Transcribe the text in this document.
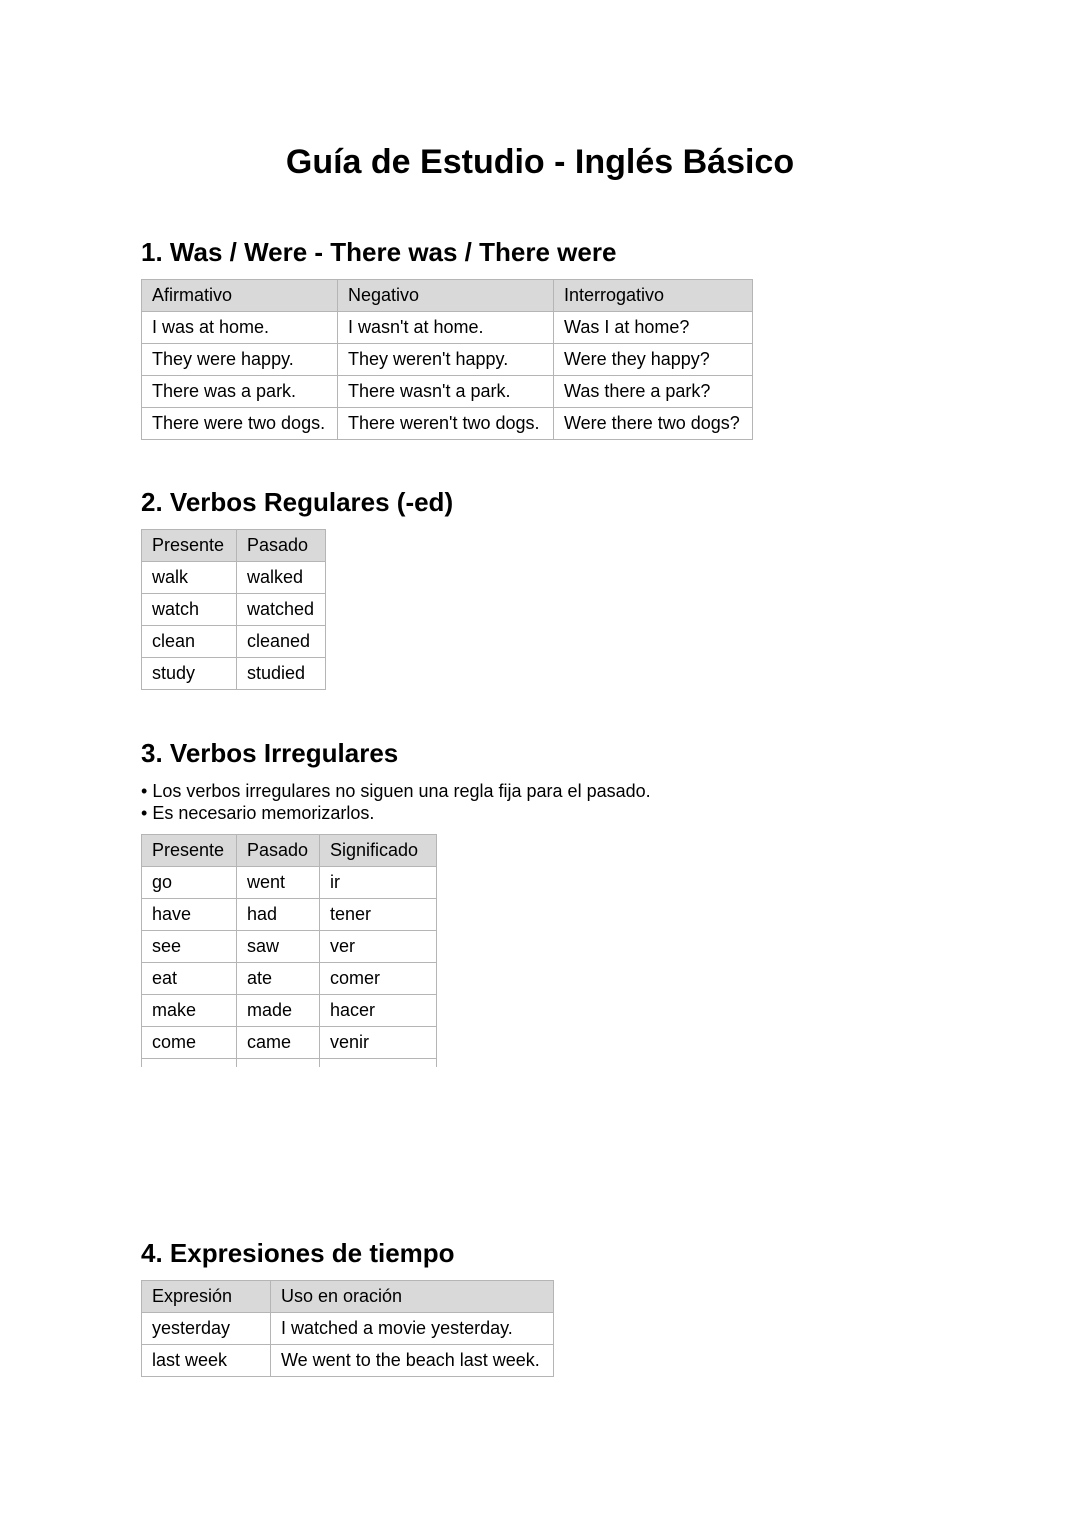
Guía de Estudio - Inglés Básico
1. Was / Were - There was / There were
Afirmativo	Negativo	Interrogativo
I was at home.	I wasn't at home.	Was I at home?
They were happy.	They weren't happy.	Were they happy?
There was a park.	There wasn't a park.	Was there a park?
There were two dogs.	There weren't two dogs.	Were there two dogs?
2. Verbos Regulares (-ed)
Presente	Pasado
walk	walked
watch	watched
clean	cleaned
study	studied
3. Verbos Irregulares
• Los verbos irregulares no siguen una regla fija para el pasado.
• Es necesario memorizarlos.
Presente	Pasado	Significado
go	went	ir
have	had	tener
see	saw	ver
eat	ate	comer
make	made	hacer
come	came	venir

4. Expresiones de tiempo
Expresión	Uso en oración
yesterday	I watched a movie yesterday.
last week	We went to the beach last week.
